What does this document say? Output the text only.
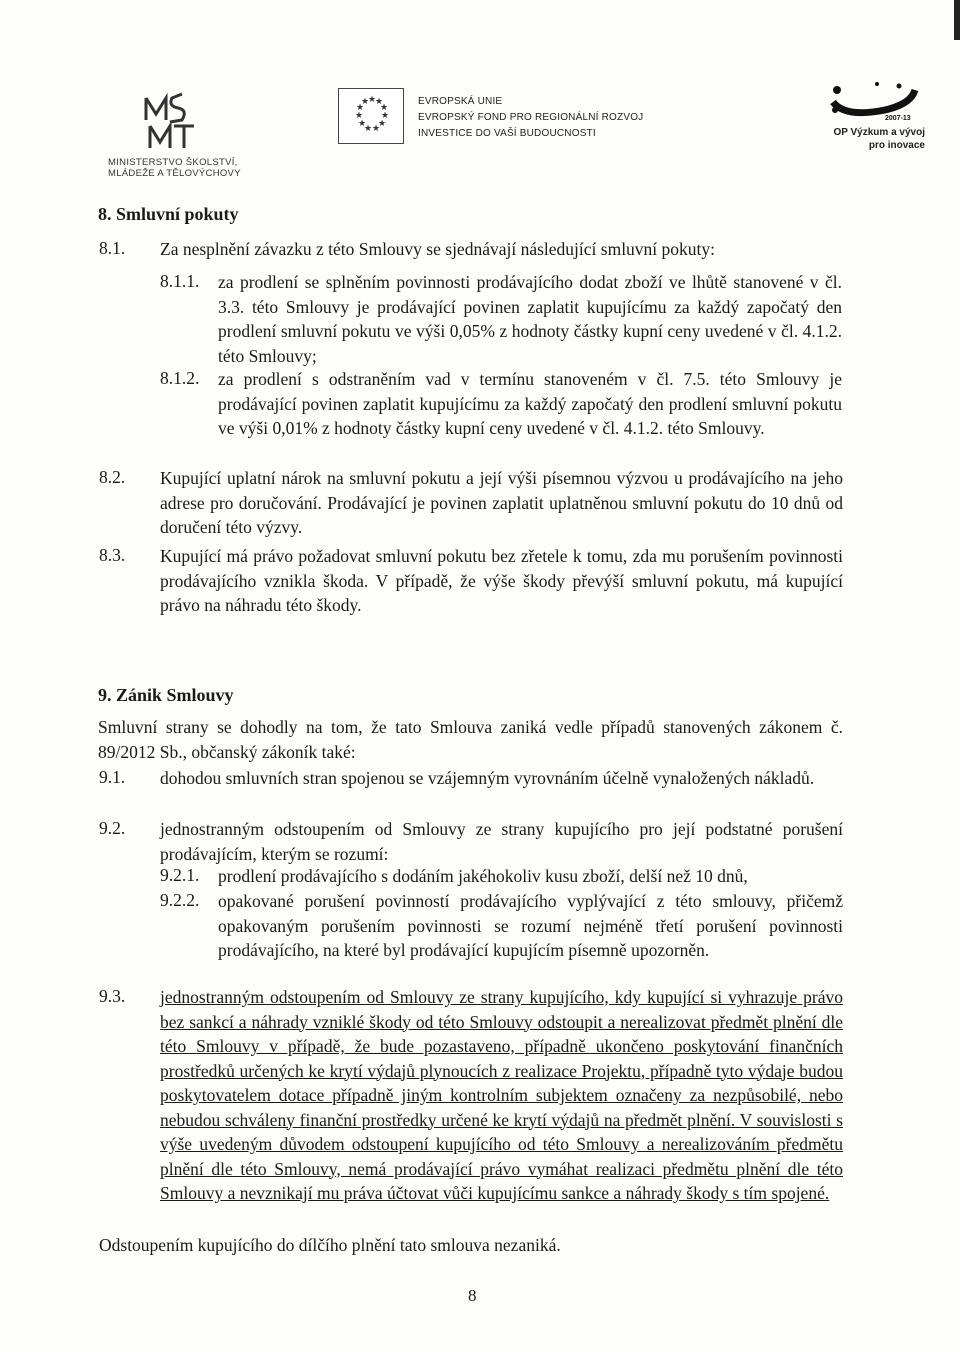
MINISTERSTVO ŠKOLSTVÍ,
MLÁDEŽE A TĚLOVÝCHOVY
★
★
★
★
★
★
★
★
★
★
★	EVROPSKÁ UNIE
EVROPSKÝ FOND PRO REGIONÁLNÍ ROZVOJ
INVESTICE DO VAŠÍ BUDOUCNOSTI
2007-13
OP Výzkum a vývoj
pro inovace
8. Smluvní pokuty
8.1. Za nesplnění závazku z této Smlouvy se sjednávají následující smluvní pokuty:
8.1.1. za prodlení se splněním povinnosti prodávajícího dodat zboží ve lhůtě stanovené v čl. 3.3. této Smlouvy je prodávající povinen zaplatit kupujícímu za každý započatý den prodlení smluvní pokutu ve výši 0,05% z hodnoty částky kupní ceny uvedené v čl. 4.1.2. této Smlouvy;
8.1.2. za prodlení s odstraněním vad v termínu stanoveném v čl. 7.5. této Smlouvy je prodávající povinen zaplatit kupujícímu za každý započatý den prodlení smluvní pokutu ve výši 0,01% z hodnoty částky kupní ceny uvedené v čl. 4.1.2. této Smlouvy.
8.2. Kupující uplatní nárok na smluvní pokutu a její výši písemnou výzvou u prodávajícího na jeho adrese pro doručování. Prodávající je povinen zaplatit uplatněnou smluvní pokutu do 10 dnů od doručení této výzvy.
8.3. Kupující má právo požadovat smluvní pokutu bez zřetele k tomu, zda mu porušením povinnosti prodávajícího vznikla škoda. V případě, že výše škody převýší smluvní pokutu, má kupující právo na náhradu této škody.
9. Zánik Smlouvy
Smluvní strany se dohodly na tom, že tato Smlouva zaniká vedle případů stanovených zákonem č. 89/2012 Sb., občanský zákoník také:
9.1. dohodou smluvních stran spojenou se vzájemným vyrovnáním účelně vynaložených nákladů.
9.2. jednostranným odstoupením od Smlouvy ze strany kupujícího pro její podstatné porušení prodávajícím, kterým se rozumí:
9.2.1. prodlení prodávajícího s dodáním jakéhokoliv kusu zboží, delší než 10 dnů,
9.2.2. opakované porušení povinností prodávajícího vyplývající z této smlouvy, přičemž opakovaným porušením povinnosti se rozumí nejméně třetí porušení povinnosti prodávajícího, na které byl prodávající kupujícím písemně upozorněn.
9.3. jednostranným odstoupením od Smlouvy ze strany kupujícího, kdy kupující si vyhrazuje právo bez sankcí a náhrady vzniklé škody od této Smlouvy odstoupit a nerealizovat předmět plnění dle této Smlouvy v případě, že bude pozastaveno, případně ukončeno poskytování finančních prostředků určených ke krytí výdajů plynoucích z realizace Projektu, případně tyto výdaje budou poskytovatelem dotace případně jiným kontrolním subjektem označeny za nezpůsobilé, nebo nebudou schváleny finanční prostředky určené ke krytí výdajů na předmět plnění. V souvislosti s výše uvedeným důvodem odstoupení kupujícího od této Smlouvy a nerealizováním předmětu plnění dle této Smlouvy, nemá prodávající právo vymáhat realizaci předmětu plnění dle této Smlouvy a nevznikají mu práva účtovat vůči kupujícímu sankce a náhrady škody s tím spojené.
Odstoupením kupujícího do dílčího plnění tato smlouva nezaniká.
8
